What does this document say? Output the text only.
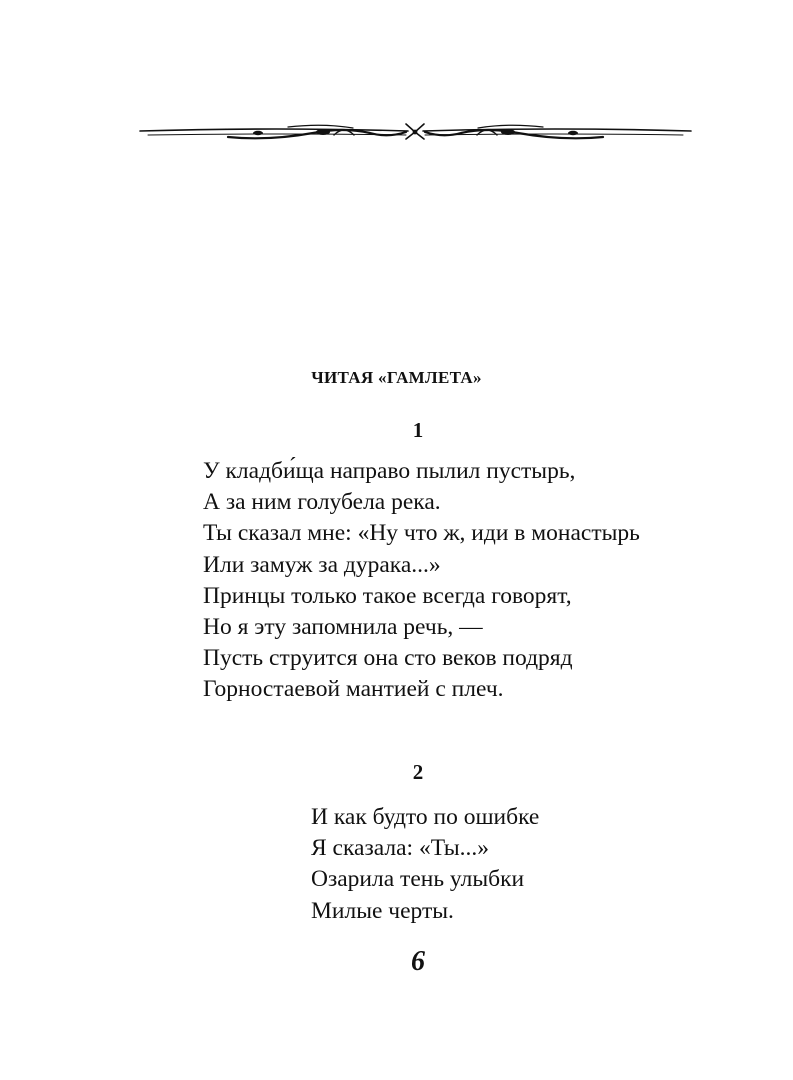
ЧИТАЯ «ГАМЛЕТА»
1
У кладби́ща направо пылил пустырь,
А за ним голубела река.
Ты сказал мне: «Ну что ж, иди в монастырь
Или замуж за дурака...»
Принцы только такое всегда говорят,
Но я эту запомнила речь, —
Пусть струится она сто веков подряд
Горностаевой мантией с плеч.
2
И как будто по ошибке
Я сказала: «Ты...»
Озарила тень улыбки
Милые черты.
6
